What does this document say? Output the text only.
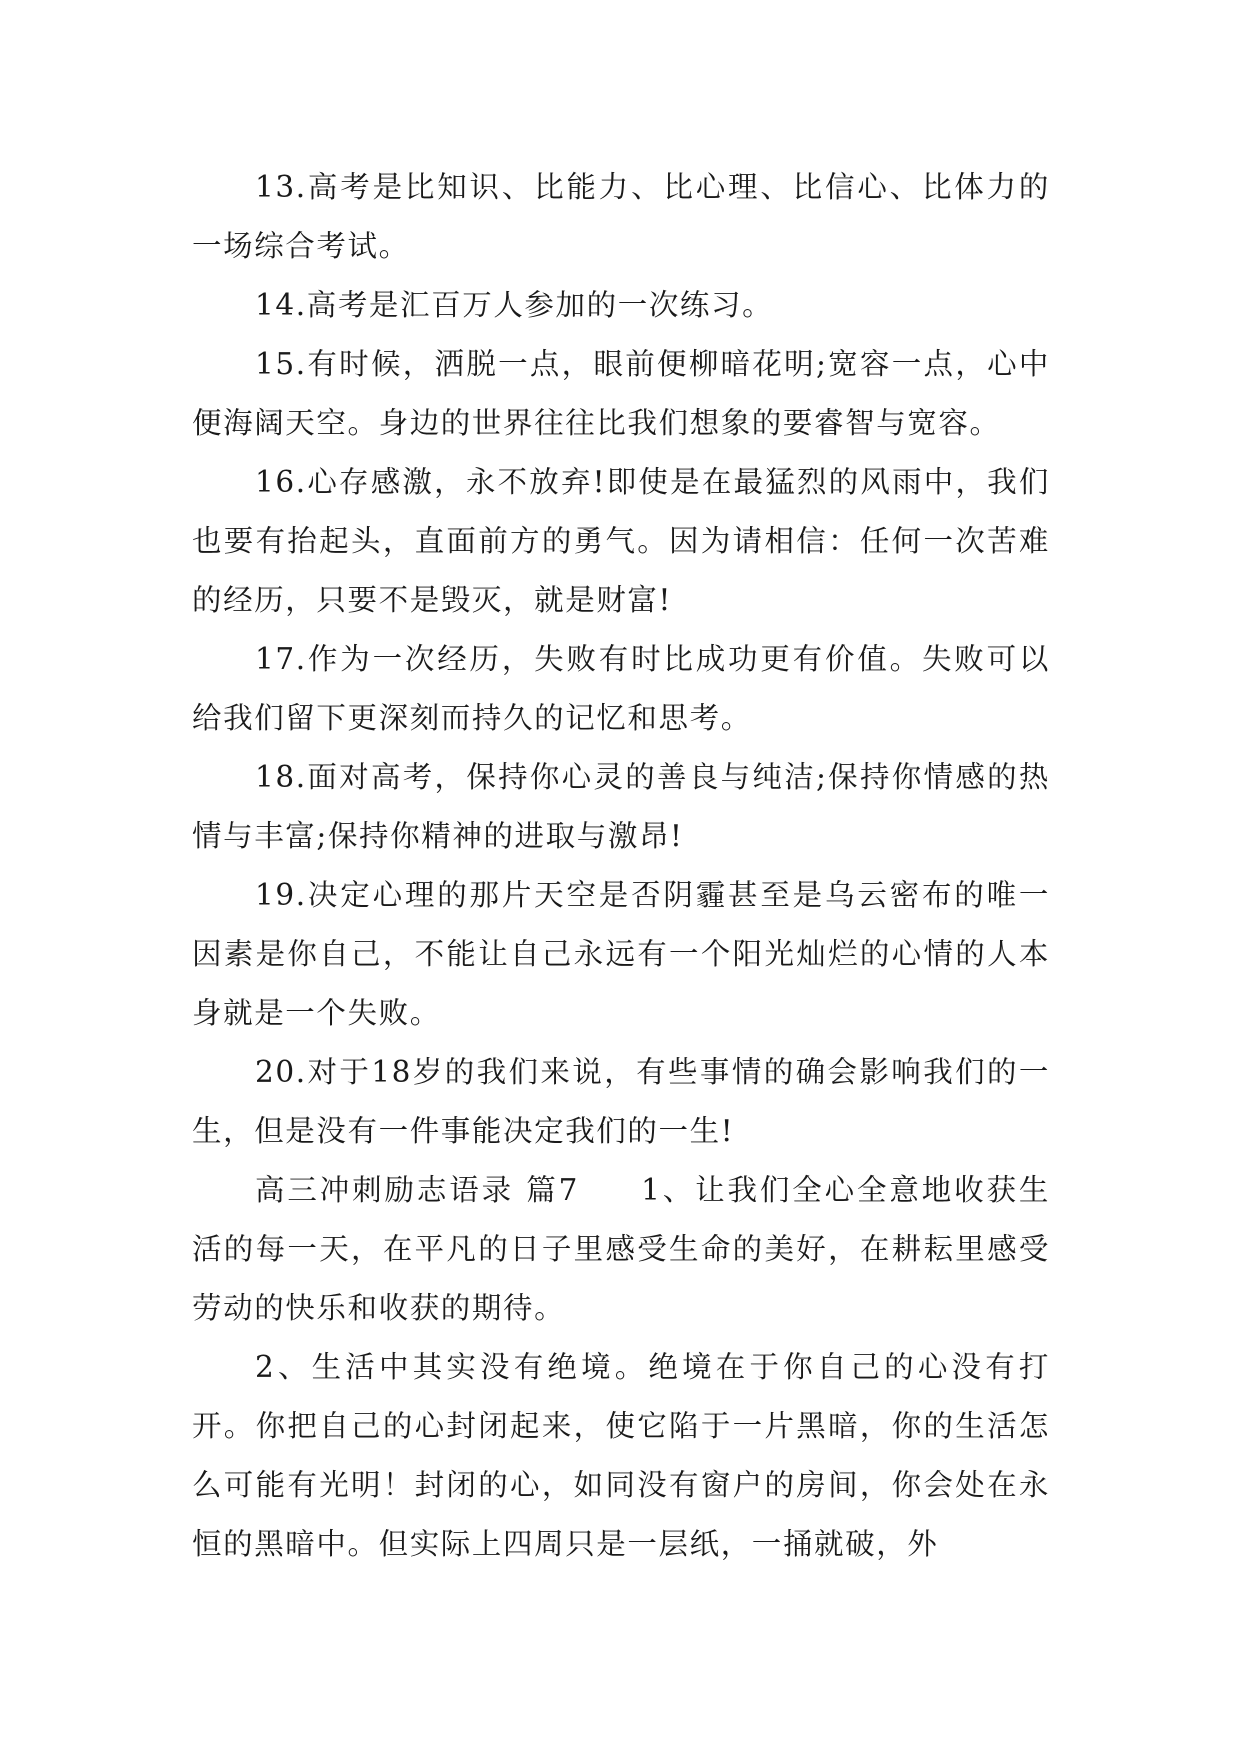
13.高考是比知识、比能力、比心理、比信心、比体力的一场综合考试。

14.高考是汇百万人参加的一次练习。

15.有时候，洒脱一点，眼前便柳暗花明;宽容一点，心中便海阔天空。身边的世界往往比我们想象的要睿智与宽容。

16.心存感激，永不放弃!即使是在最猛烈的风雨中，我们也要有抬起头，直面前方的勇气。因为请相信：任何一次苦难的经历，只要不是毁灭，就是财富!

17.作为一次经历，失败有时比成功更有价值。失败可以给我们留下更深刻而持久的记忆和思考。

18.面对高考，保持你心灵的善良与纯洁;保持你情感的热情与丰富;保持你精神的进取与激昂!

19.决定心理的那片天空是否阴霾甚至是乌云密布的唯一因素是你自己，不能让自己永远有一个阳光灿烂的心情的人本身就是一个失败。

20.对于18岁的我们来说，有些事情的确会影响我们的一生，但是没有一件事能决定我们的一生!

高三冲刺励志语录 篇7 1、让我们全心全意地收获生活的每一天，在平凡的日子里感受生命的美好，在耕耘里感受劳动的快乐和收获的期待。

2、生活中其实没有绝境。绝境在于你自己的心没有打开。你把自己的心封闭起来，使它陷于一片黑暗，你的生活怎么可能有光明！封闭的心，如同没有窗户的房间，你会处在永恒的黑暗中。但实际上四周只是一层纸，一捅就破，外
